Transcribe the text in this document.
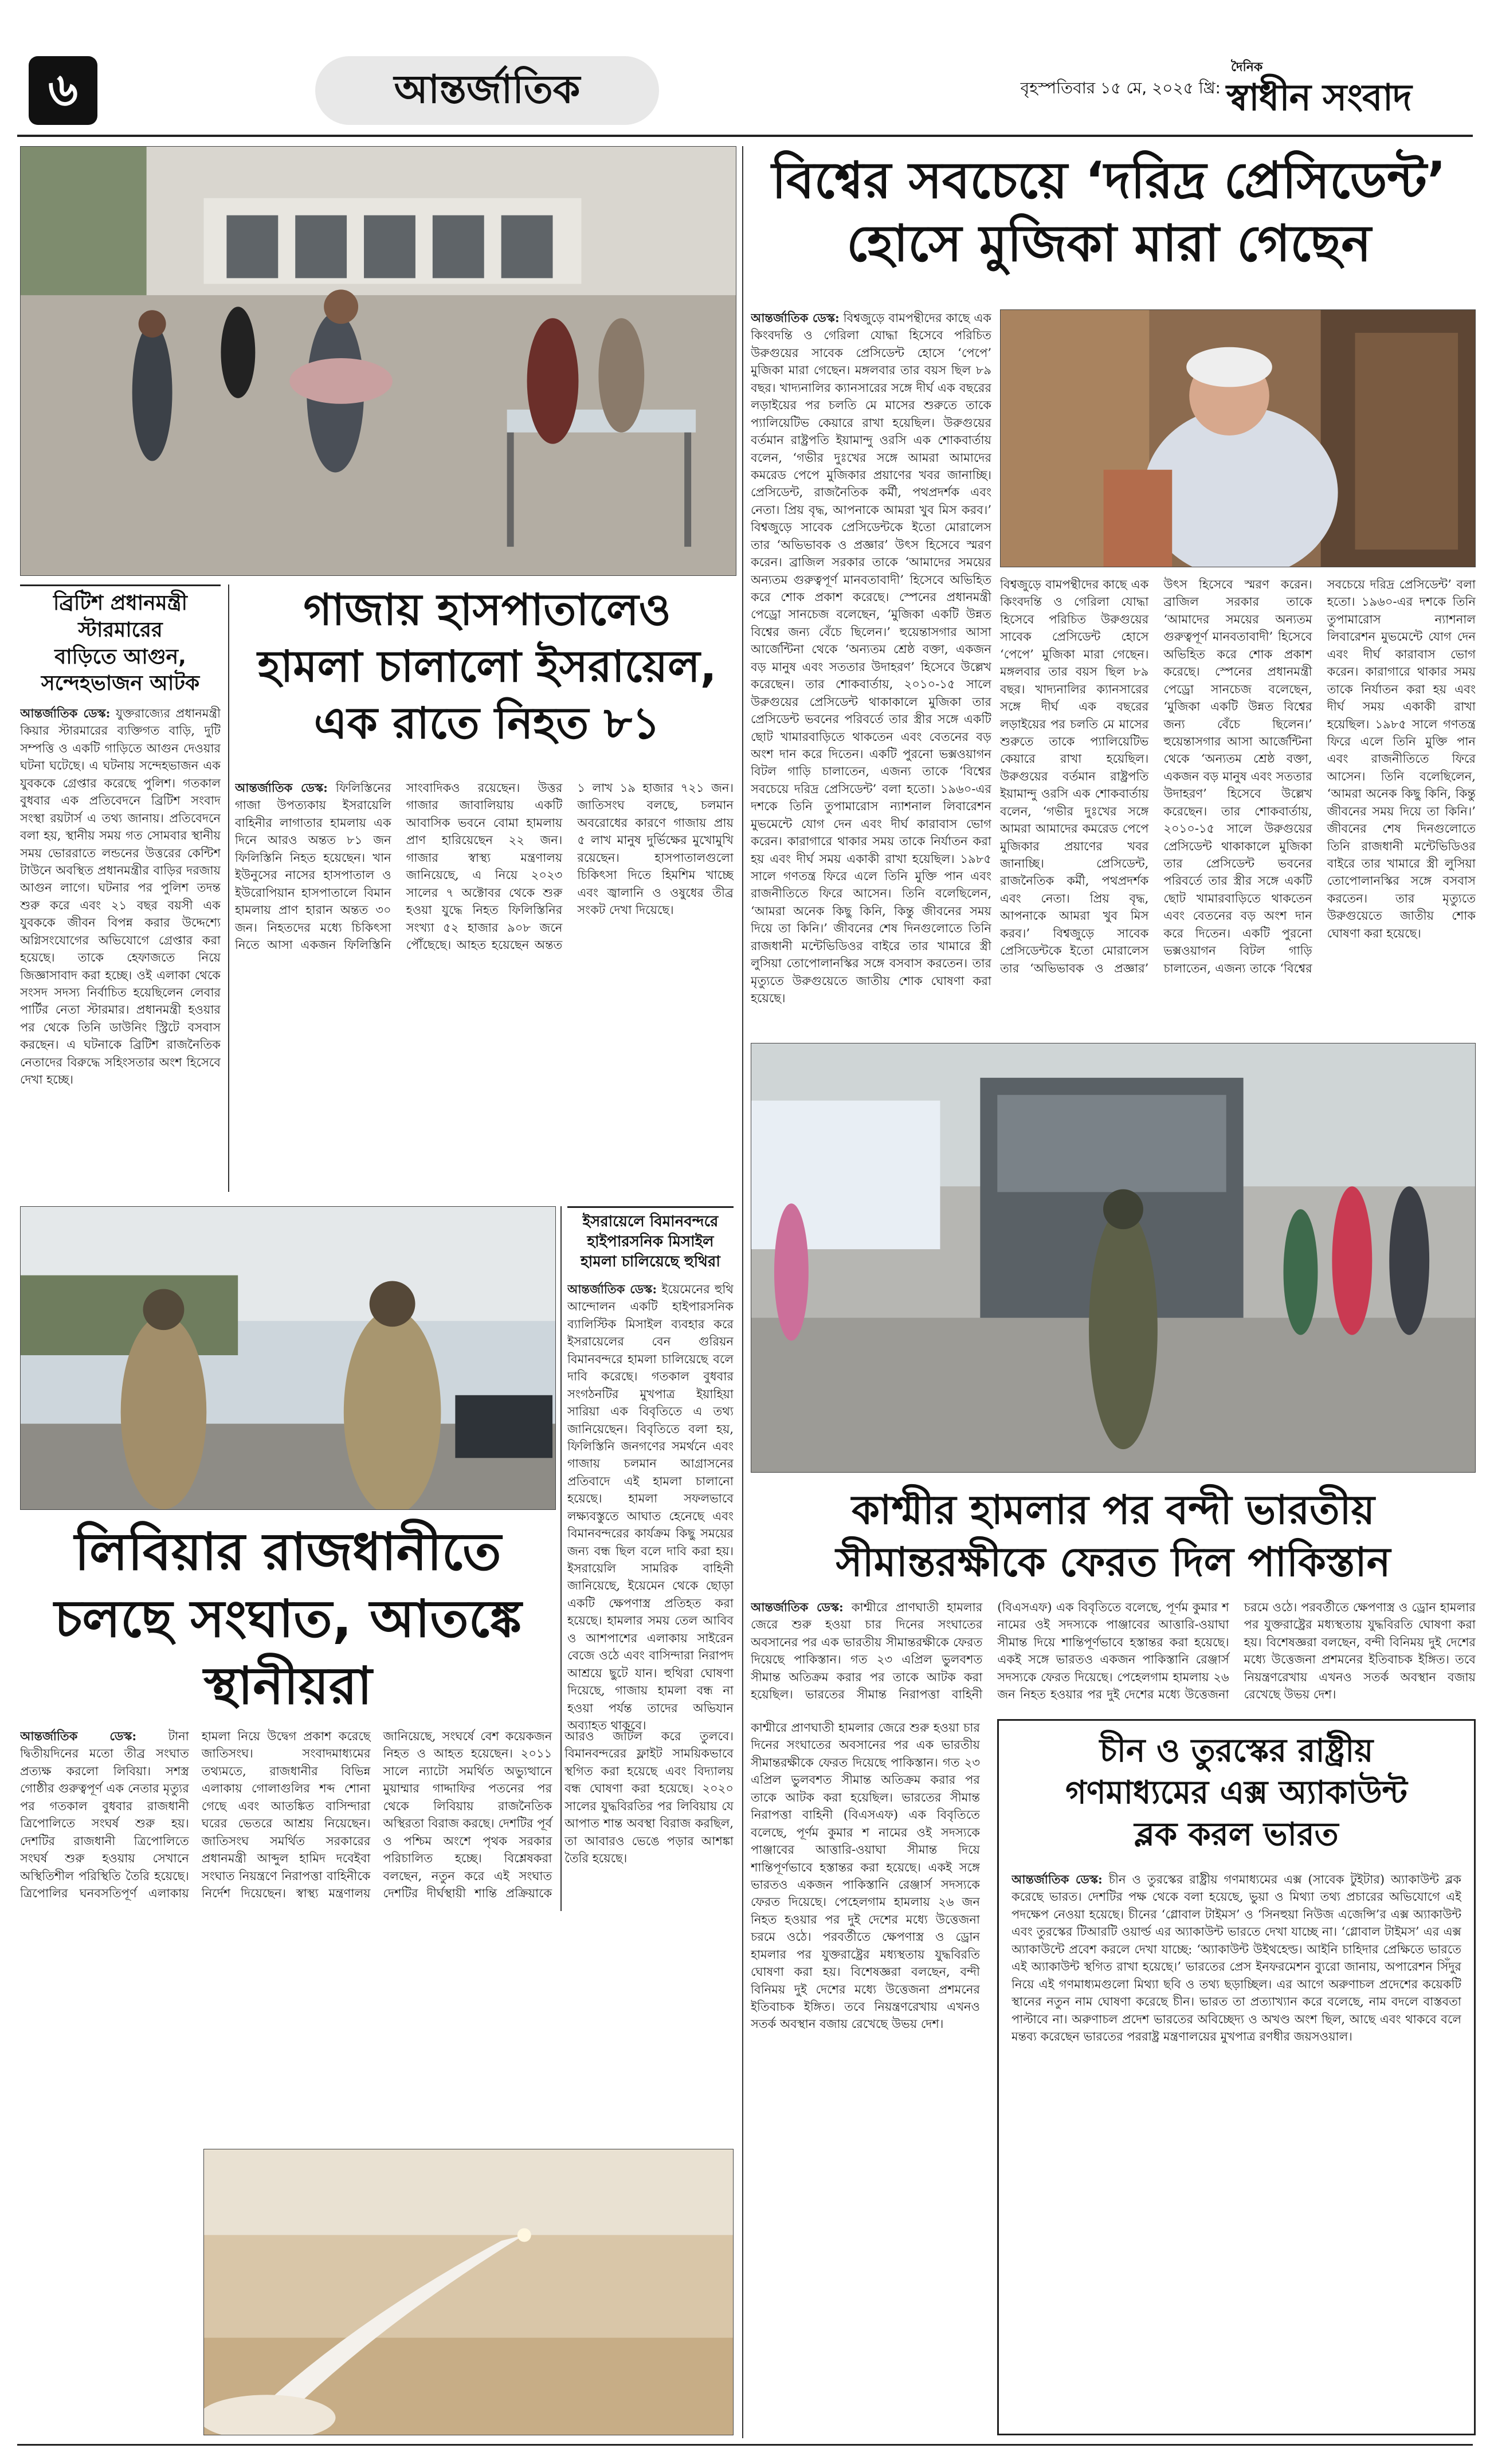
৬	আন্তর্জাতিক	বৃহস্পতিবার ১৫ মে, ২০২৫ খ্রি:
দৈনিক
স্বাধীন সংবাদ
বিশ্বের সবচেয়ে ‘দরিদ্র প্রেসিডেন্ট’
হোসে মুজিকা মারা গেছেন
আন্তর্জাতিক ডেস্ক: বিশ্বজুড়ে বামপন্থীদের কাছে এক কিংবদন্তি ও গেরিলা যোদ্ধা হিসেবে পরিচিত উরুগুয়ের সাবেক প্রেসিডেন্ট হোসে ‘পেপে’ মুজিকা মারা গেছেন। মঙ্গলবার তার বয়স ছিল ৮৯ বছর। খাদ্যনালির ক্যানসারের সঙ্গে দীর্ঘ এক বছরের লড়াইয়ের পর চলতি মে মাসের শুরুতে তাকে প্যালিয়েটিভ কেয়ারে রাখা হয়েছিল। উরুগুয়ের বর্তমান রাষ্ট্রপতি ইয়ামান্দু ওরসি এক শোকবার্তায় বলেন, ‘গভীর দুঃখের সঙ্গে আমরা আমাদের কমরেড পেপে মুজিকার প্রয়াণের খবর জানাচ্ছি। প্রেসিডেন্ট, রাজনৈতিক কর্মী, পথপ্রদর্শক এবং নেতা। প্রিয় বৃদ্ধ, আপনাকে আমরা খুব মিস করব।’ বিশ্বজুড়ে সাবেক প্রেসিডেন্টকে ইতো মোরালেস তার ‘অভিভাবক ও প্রজ্ঞার’ উৎস হিসেবে স্মরণ করেন। ব্রাজিল সরকার তাকে ‘আমাদের সময়ের অন্যতম গুরুত্বপূর্ণ মানবতাবাদী’ হিসেবে অভিহিত করে শোক প্রকাশ করেছে। স্পেনের প্রধানমন্ত্রী পেড্রো সানচেজ বলেছেন, ‘মুজিকা একটি উন্নত বিশ্বের জন্য বেঁচে ছিলেন।’ হুয়েন্তাসগার আসা আর্জেন্টিনা থেকে ‘অন্যতম শ্রেষ্ঠ বক্তা, একজন বড় মানুষ এবং সততার উদাহরণ’ হিসেবে উল্লেখ করেছেন। তার শোকবার্তায়, ২০১০-১৫ সালে উরুগুয়ের প্রেসিডেন্ট থাকাকালে মুজিকা তার প্রেসিডেন্ট ভবনের পরিবর্তে তার স্ত্রীর সঙ্গে একটি ছোট খামারবাড়িতে থাকতেন এবং বেতনের বড় অংশ দান করে দিতেন। একটি পুরনো ভক্সওয়াগন বিটল গাড়ি চালাতেন, এজন্য তাকে ‘বিশ্বের সবচেয়ে দরিদ্র প্রেসিডেন্ট’ বলা হতো। ১৯৬০-এর দশকে তিনি তুপামারোস ন্যাশনাল লিবারেশন মুভমেন্টে যোগ দেন এবং দীর্ঘ কারাবাস ভোগ করেন। কারাগারে থাকার সময় তাকে নির্যাতন করা হয় এবং দীর্ঘ সময় একাকী রাখা হয়েছিল। ১৯৮৫ সালে গণতন্ত্র ফিরে এলে তিনি মুক্তি পান এবং রাজনীতিতে ফিরে আসেন। তিনি বলেছিলেন, ‘আমরা অনেক কিছু কিনি, কিন্তু জীবনের সময় দিয়ে তা কিনি।’ জীবনের শেষ দিনগুলোতে তিনি রাজধানী মন্টেভিডিওর বাইরে তার খামারে স্ত্রী লুসিয়া তোপোলানস্কির সঙ্গে বসবাস করতেন। তার মৃত্যুতে উরুগুয়েতে জাতীয় শোক ঘোষণা করা হয়েছে।
বিশ্বজুড়ে বামপন্থীদের কাছে এক কিংবদন্তি ও গেরিলা যোদ্ধা হিসেবে পরিচিত উরুগুয়ের সাবেক প্রেসিডেন্ট হোসে ‘পেপে’ মুজিকা মারা গেছেন। মঙ্গলবার তার বয়স ছিল ৮৯ বছর। খাদ্যনালির ক্যানসারের সঙ্গে দীর্ঘ এক বছরের লড়াইয়ের পর চলতি মে মাসের শুরুতে তাকে প্যালিয়েটিভ কেয়ারে রাখা হয়েছিল। উরুগুয়ের বর্তমান রাষ্ট্রপতি ইয়ামান্দু ওরসি এক শোকবার্তায় বলেন, ‘গভীর দুঃখের সঙ্গে আমরা আমাদের কমরেড পেপে মুজিকার প্রয়াণের খবর জানাচ্ছি। প্রেসিডেন্ট, রাজনৈতিক কর্মী, পথপ্রদর্শক এবং নেতা। প্রিয় বৃদ্ধ, আপনাকে আমরা খুব মিস করব।’ বিশ্বজুড়ে সাবেক প্রেসিডেন্টকে ইতো মোরালেস তার ‘অভিভাবক ও প্রজ্ঞার’ উৎস হিসেবে স্মরণ করেন। ব্রাজিল সরকার তাকে ‘আমাদের সময়ের অন্যতম গুরুত্বপূর্ণ মানবতাবাদী’ হিসেবে অভিহিত করে শোক প্রকাশ করেছে। স্পেনের প্রধানমন্ত্রী পেড্রো সানচেজ বলেছেন, ‘মুজিকা একটি উন্নত বিশ্বের জন্য বেঁচে ছিলেন।’ হুয়েন্তাসগার আসা আর্জেন্টিনা থেকে ‘অন্যতম শ্রেষ্ঠ বক্তা, একজন বড় মানুষ এবং সততার উদাহরণ’ হিসেবে উল্লেখ করেছেন। তার শোকবার্তায়, ২০১০-১৫ সালে উরুগুয়ের প্রেসিডেন্ট থাকাকালে মুজিকা তার প্রেসিডেন্ট ভবনের পরিবর্তে তার স্ত্রীর সঙ্গে একটি ছোট খামারবাড়িতে থাকতেন এবং বেতনের বড় অংশ দান করে দিতেন। একটি পুরনো ভক্সওয়াগন বিটল গাড়ি চালাতেন, এজন্য তাকে ‘বিশ্বের সবচেয়ে দরিদ্র প্রেসিডেন্ট’ বলা হতো। ১৯৬০-এর দশকে তিনি তুপামারোস ন্যাশনাল লিবারেশন মুভমেন্টে যোগ দেন এবং দীর্ঘ কারাবাস ভোগ করেন। কারাগারে থাকার সময় তাকে নির্যাতন করা হয় এবং দীর্ঘ সময় একাকী রাখা হয়েছিল। ১৯৮৫ সালে গণতন্ত্র ফিরে এলে তিনি মুক্তি পান এবং রাজনীতিতে ফিরে আসেন। তিনি বলেছিলেন, ‘আমরা অনেক কিছু কিনি, কিন্তু জীবনের সময় দিয়ে তা কিনি।’ জীবনের শেষ দিনগুলোতে তিনি রাজধানী মন্টেভিডিওর বাইরে তার খামারে স্ত্রী লুসিয়া তোপোলানস্কির সঙ্গে বসবাস করতেন। তার মৃত্যুতে উরুগুয়েতে জাতীয় শোক ঘোষণা করা হয়েছে।
ব্রিটিশ প্রধানমন্ত্রী
স্টারমারের
বাড়িতে আগুন,
সন্দেহভাজন আটক
আন্তর্জাতিক ডেস্ক: যুক্তরাজ্যের প্রধানমন্ত্রী কিয়ার স্টারমারের ব্যক্তিগত বাড়ি, দুটি সম্পত্তি ও একটি গাড়িতে আগুন দেওয়ার ঘটনা ঘটেছে। এ ঘটনায় সন্দেহভাজন এক যুবককে গ্রেপ্তার করেছে পুলিশ। গতকাল বুধবার এক প্রতিবেদনে ব্রিটিশ সংবাদ সংস্থা রয়টার্স এ তথ্য জানায়। প্রতিবেদনে বলা হয়, স্থানীয় সময় গত সোমবার স্থানীয় সময় ভোররাতে লন্ডনের উত্তরের কেন্টিশ টাউনে অবস্থিত প্রধানমন্ত্রীর বাড়ির দরজায় আগুন লাগে। ঘটনার পর পুলিশ তদন্ত শুরু করে এবং ২১ বছর বয়সী এক যুবককে জীবন বিপন্ন করার উদ্দেশ্যে অগ্নিসংযোগের অভিযোগে গ্রেপ্তার করা হয়েছে। তাকে হেফাজতে নিয়ে জিজ্ঞাসাবাদ করা হচ্ছে। ওই এলাকা থেকে সংসদ সদস্য নির্বাচিত হয়েছিলেন লেবার পার্টির নেতা স্টারমার। প্রধানমন্ত্রী হওয়ার পর থেকে তিনি ডাউনিং স্ট্রিটে বসবাস করছেন। এ ঘটনাকে ব্রিটিশ রাজনৈতিক নেতাদের বিরুদ্ধে সহিংসতার অংশ হিসেবে দেখা হচ্ছে।
গাজায় হাসপাতালেও
হামলা চালালো ইসরায়েল,
এক রাতে নিহত ৮১
আন্তর্জাতিক ডেস্ক: ফিলিস্তিনের গাজা উপত্যকায় ইসরায়েলি বাহিনীর লাগাতার হামলায় এক দিনে আরও অন্তত ৮১ জন ফিলিস্তিনি নিহত হয়েছেন। খান ইউনুসের নাসের হাসপাতাল ও ইউরোপিয়ান হাসপাতালে বিমান হামলায় প্রাণ হারান অন্তত ৩০ জন। নিহতদের মধ্যে চিকিৎসা নিতে আসা একজন ফিলিস্তিনি সাংবাদিকও রয়েছেন। উত্তর গাজার জাবালিয়ায় একটি আবাসিক ভবনে বোমা হামলায় প্রাণ হারিয়েছেন ২২ জন। গাজার স্বাস্থ্য মন্ত্রণালয় জানিয়েছে, এ নিয়ে ২০২৩ সালের ৭ অক্টোবর থেকে শুরু হওয়া যুদ্ধে নিহত ফিলিস্তিনির সংখ্যা ৫২ হাজার ৯০৮ জনে পৌঁছেছে। আহত হয়েছেন অন্তত ১ লাখ ১৯ হাজার ৭২১ জন। জাতিসংঘ বলছে, চলমান অবরোধের কারণে গাজায় প্রায় ৫ লাখ মানুষ দুর্ভিক্ষের মুখোমুখি রয়েছেন। হাসপাতালগুলো চিকিৎসা দিতে হিমশিম খাচ্ছে এবং জ্বালানি ও ওষুধের তীব্র সংকট দেখা দিয়েছে।
ইসরায়েলে বিমানবন্দরে হাইপারসনিক মিসাইল হামলা চালিয়েছে হুথিরা
আন্তর্জাতিক ডেস্ক: ইয়েমেনের হুথি আন্দোলন একটি হাইপারসনিক ব্যালিস্টিক মিসাইল ব্যবহার করে ইসরায়েলের বেন গুরিয়ন বিমানবন্দরে হামলা চালিয়েছে বলে দাবি করেছে। গতকাল বুধবার সংগঠনটির মুখপাত্র ইয়াহিয়া সারিয়া এক বিবৃতিতে এ তথ্য জানিয়েছেন। বিবৃতিতে বলা হয়, ফিলিস্তিনি জনগণের সমর্থনে এবং গাজায় চলমান আগ্রাসনের প্রতিবাদে এই হামলা চালানো হয়েছে। হামলা সফলভাবে লক্ষ্যবস্তুতে আঘাত হেনেছে এবং বিমানবন্দরের কার্যক্রম কিছু সময়ের জন্য বন্ধ ছিল বলে দাবি করা হয়। ইসরায়েলি সামরিক বাহিনী জানিয়েছে, ইয়েমেন থেকে ছোড়া একটি ক্ষেপণাস্ত্র প্রতিহত করা হয়েছে। হামলার সময় তেল আবিব ও আশপাশের এলাকায় সাইরেন বেজে ওঠে এবং বাসিন্দারা নিরাপদ আশ্রয়ে ছুটে যান। হুথিরা ঘোষণা দিয়েছে, গাজায় হামলা বন্ধ না হওয়া পর্যন্ত তাদের অভিযান অব্যাহত থাকবে।
লিবিয়ার রাজধানীতে
চলছে সংঘাত, আতঙ্কে
স্থানীয়রা
আন্তর্জাতিক ডেস্ক:	টানা দ্বিতীয়দিনের মতো তীব্র সংঘাত প্রত্যক্ষ করলো লিবিয়া। সশস্ত্র গোষ্ঠীর গুরুত্বপূর্ণ এক নেতার মৃত্যুর পর গতকাল বুধবার রাজধানী ত্রিপোলিতে সংঘর্ষ শুরু হয়। দেশটির রাজধানী ত্রিপোলিতে সংঘর্ষ শুরু হওয়ায় সেখানে অস্থিতিশীল পরিস্থিতি তৈরি হয়েছে। ত্রিপোলির ঘনবসতিপূর্ণ এলাকায় হামলা নিয়ে উদ্বেগ প্রকাশ করেছে জাতিসংঘ। সংবাদমাধ্যমের তথ্যমতে, রাজধানীর বিভিন্ন এলাকায় গোলাগুলির শব্দ শোনা গেছে এবং আতঙ্কিত বাসিন্দারা ঘরের ভেতরে আশ্রয় নিয়েছেন। জাতিসংঘ সমর্থিত সরকারের প্রধানমন্ত্রী আব্দুল হামিদ দবেইবা সংঘাত নিয়ন্ত্রণে নিরাপত্তা বাহিনীকে নির্দেশ দিয়েছেন। স্বাস্থ্য মন্ত্রণালয় জানিয়েছে, সংঘর্ষে বেশ কয়েকজন নিহত ও আহত হয়েছেন। ২০১১ সালে ন্যাটো সমর্থিত অভ্যুত্থানে মুয়াম্মার গাদ্দাফির পতনের পর থেকে লিবিয়ায় রাজনৈতিক অস্থিরতা বিরাজ করছে। দেশটির পূর্ব ও পশ্চিম অংশে পৃথক সরকার পরিচালিত হচ্ছে। বিশ্লেষকরা বলছেন, নতুন করে এই সংঘাত দেশটির দীর্ঘস্থায়ী শান্তি প্রক্রিয়াকে আরও জটিল করে তুলবে। বিমানবন্দরের ফ্লাইট সাময়িকভাবে স্থগিত করা হয়েছে এবং বিদ্যালয় বন্ধ ঘোষণা করা হয়েছে। ২০২০ সালের যুদ্ধবিরতির পর লিবিয়ায় যে আপাত শান্ত অবস্থা বিরাজ করছিল, তা আবারও ভেঙে পড়ার আশঙ্কা তৈরি হয়েছে।
কাশ্মীর হামলার পর বন্দী ভারতীয়
সীমান্তরক্ষীকে ফেরত দিল পাকিস্তান
আন্তর্জাতিক ডেস্ক: কাশ্মীরে প্রাণঘাতী হামলার জেরে শুরু হওয়া চার দিনের সংঘাতের অবসানের পর এক ভারতীয় সীমান্তরক্ষীকে ফেরত দিয়েছে পাকিস্তান। গত ২৩ এপ্রিল ভুলবশত সীমান্ত অতিক্রম করার পর তাকে আটক করা হয়েছিল। ভারতের সীমান্ত নিরাপত্তা বাহিনী (বিএসএফ) এক বিবৃতিতে বলেছে, পূর্ণম কুমার শ নামের ওই সদস্যকে পাঞ্জাবের আত্তারি-ওয়াঘা সীমান্ত দিয়ে শান্তিপূর্ণভাবে হস্তান্তর করা হয়েছে। একই সঙ্গে ভারতও একজন পাকিস্তানি রেঞ্জার্স সদস্যকে ফেরত দিয়েছে। পেহেলগাম হামলায় ২৬ জন নিহত হওয়ার পর দুই দেশের মধ্যে উত্তেজনা চরমে ওঠে। পরবর্তীতে ক্ষেপণাস্ত্র ও ড্রোন হামলার পর যুক্তরাষ্ট্রের মধ্যস্থতায় যুদ্ধবিরতি ঘোষণা করা হয়। বিশেষজ্ঞরা বলছেন, বন্দী বিনিময় দুই দেশের মধ্যে উত্তেজনা প্রশমনের ইতিবাচক ইঙ্গিত। তবে নিয়ন্ত্রণরেখায় এখনও সতর্ক অবস্থান বজায় রেখেছে উভয় দেশ।
কাশ্মীরে প্রাণঘাতী হামলার জেরে শুরু হওয়া চার দিনের সংঘাতের অবসানের পর এক ভারতীয় সীমান্তরক্ষীকে ফেরত দিয়েছে পাকিস্তান। গত ২৩ এপ্রিল ভুলবশত সীমান্ত অতিক্রম করার পর তাকে আটক করা হয়েছিল। ভারতের সীমান্ত নিরাপত্তা বাহিনী (বিএসএফ) এক বিবৃতিতে বলেছে, পূর্ণম কুমার শ নামের ওই সদস্যকে পাঞ্জাবের আত্তারি-ওয়াঘা সীমান্ত দিয়ে শান্তিপূর্ণভাবে হস্তান্তর করা হয়েছে। একই সঙ্গে ভারতও একজন পাকিস্তানি রেঞ্জার্স সদস্যকে ফেরত দিয়েছে। পেহেলগাম হামলায় ২৬ জন নিহত হওয়ার পর দুই দেশের মধ্যে উত্তেজনা চরমে ওঠে। পরবর্তীতে ক্ষেপণাস্ত্র ও ড্রোন হামলার পর যুক্তরাষ্ট্রের মধ্যস্থতায় যুদ্ধবিরতি ঘোষণা করা হয়। বিশেষজ্ঞরা বলছেন, বন্দী বিনিময় দুই দেশের মধ্যে উত্তেজনা প্রশমনের ইতিবাচক ইঙ্গিত। তবে নিয়ন্ত্রণরেখায় এখনও সতর্ক অবস্থান বজায় রেখেছে উভয় দেশ।
চীন ও তুরস্কের রাষ্ট্রীয়
গণমাধ্যমের এক্স অ্যাকাউন্ট
ব্লক করল ভারত
আন্তর্জাতিক ডেস্ক: চীন ও তুরস্কের রাষ্ট্রীয় গণমাধ্যমের এক্স (সাবেক টুইটার) অ্যাকাউন্ট ব্লক করেছে ভারত। দেশটির পক্ষ থেকে বলা হয়েছে, ভুয়া ও মিথ্যা তথ্য প্রচারের অভিযোগে এই পদক্ষেপ নেওয়া হয়েছে। চীনের ‘গ্লোবাল টাইমস’ ও ‘সিনহুয়া নিউজ এজেন্সি’র এক্স অ্যাকাউন্ট এবং তুরস্কের টিআরটি ওয়ার্ল্ড এর অ্যাকাউন্ট ভারতে দেখা যাচ্ছে না। ‘গ্লোবাল টাইমস’ এর এক্স অ্যাকাউন্টে প্রবেশ করলে দেখা যাচ্ছে: ‘অ্যাকাউন্ট উইথহেল্ড। আইনি চাহিদার প্রেক্ষিতে ভারতে এই অ্যাকাউন্ট স্থগিত রাখা হয়েছে।’ ভারতের প্রেস ইনফরমেশন ব্যুরো জানায়, অপারেশন সিঁদুর নিয়ে এই গণমাধ্যমগুলো মিথ্যা ছবি ও তথ্য ছড়াচ্ছিল। এর আগে অরুণাচল প্রদেশের কয়েকটি স্থানের নতুন নাম ঘোষণা করেছে চীন। ভারত তা প্রত্যাখ্যান করে বলেছে, নাম বদলে বাস্তবতা পাল্টাবে না। অরুণাচল প্রদেশ ভারতের অবিচ্ছেদ্য ও অখণ্ড অংশ ছিল, আছে এবং থাকবে বলে মন্তব্য করেছেন ভারতের পররাষ্ট্র মন্ত্রণালয়ের মুখপাত্র রণধীর জয়সওয়াল।
